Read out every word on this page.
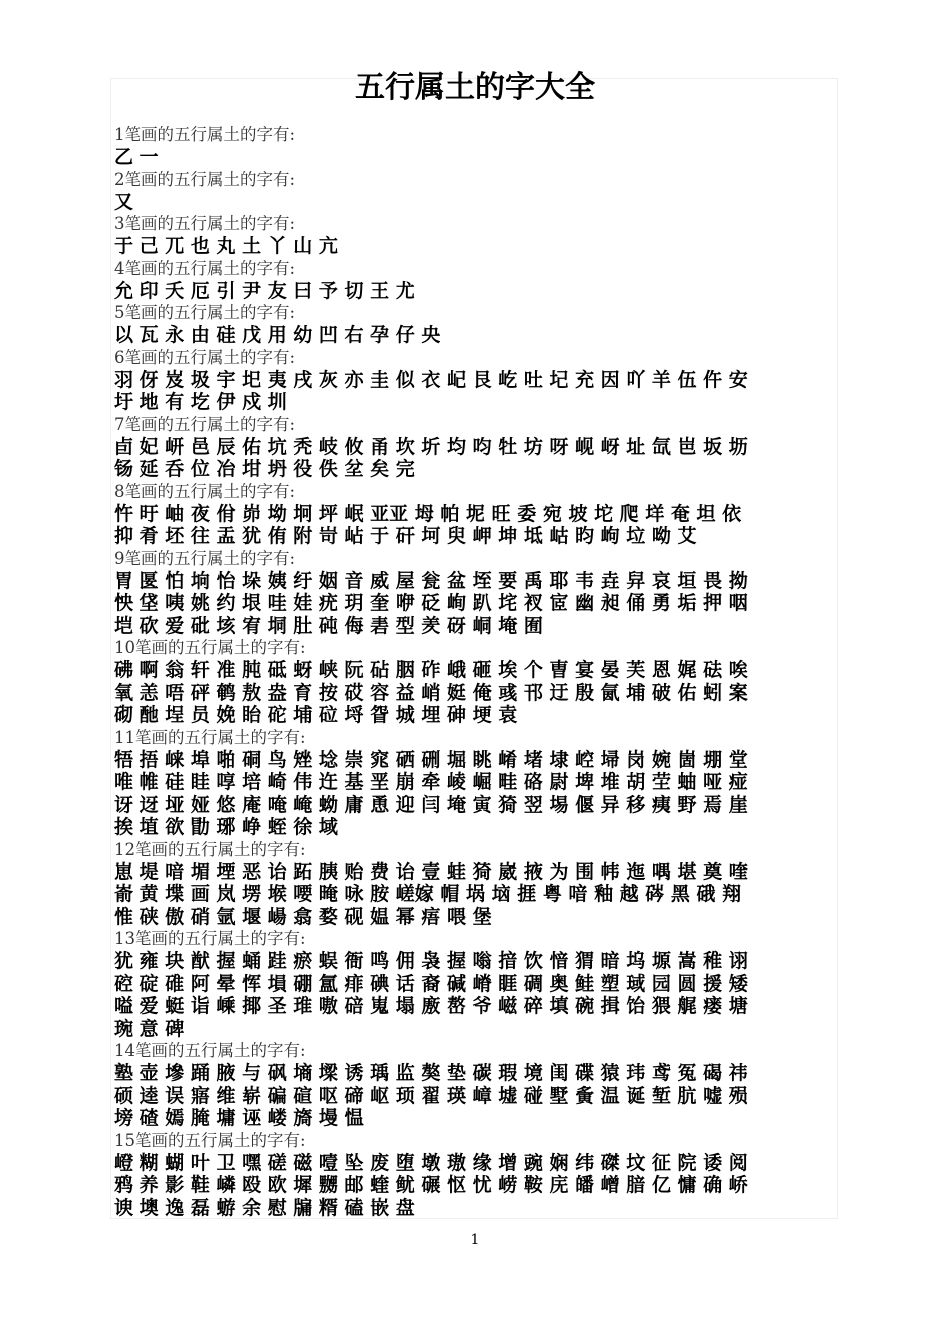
五行属土的字大全
1笔画的五行属土的字有:
乙 一
2笔画的五行属土的字有:
又
3笔画的五行属土的字有:
于 己 兀 也 丸 土 丫 山 亢
4笔画的五行属土的字有:
允 印 夭 厄 引 尹 友 曰 予 切 王 尤
5笔画的五行属土的字有:
以 瓦 永 由 硅 戊 用 幼 凹 右 孕 仔 央
6笔画的五行属土的字有:
羽 伢 岌 圾 宇 圯 夷 戌 灰 亦 圭 似 衣 屺 艮 屹 吐 圮 充 因 吖 羊 伍 仵 安
圩 地 有 圪 伊 戍 圳
7笔画的五行属土的字有:
卣 妃 岍 邑 辰 佑 坑 秃 岐 攸 甬 坎 圻 均 呁 牡 坊 呀 岘 岈 址 氙 岜 坂 坜
钖 延 呑 位 冶 坩 坍 役 佚 坌 矣 完
8笔画的五行属土的字有:
忤 旴 岫 夜 佾 峁 坳 坰 坪 岷 亚亚 坶 帕 坭 旺 委 宛 坡 坨 爬 垟 奄 坦 依
抑 肴 坯 往 盂 犹 侑 附 岢 岾 于 矸 坷 臾 岬 坤 坻 岵 昀 岣 垃 呦 艾
9笔画的五行属土的字有:
胃 匽 怕 垧 怡 垛 姨 纡 姻 音 威 屋 瓮 盆 垤 要 禹 耶 韦 垚 舁 哀 垣 畏 拗
怏 垡 咦 姚 约 垠 哇 娃 疣 玥 奎 咿 砭 峋 趴 垞 衩 宧 幽 昶 俑 勇 垢 押 咽
垲 砍 爱 砒 垓 宥 垌 肚 砘 侮 砉 型 羑 砑 峒 埯 囿
10笔画的五行属土的字有:
砩 啊 翁 轩 准 肫 砥 蚜 峡 阮 砧 胭 砟 峨 砸 埃 个 曺 宴 晏 芙 恩 娓 砝 唉
氧 恙 唔 砰 鹌 敖 盎 育 按 砹 容 益 峭 娗 俺 彧 邗 迂 殷 氤 埔 破 佑 蚓 案
砌 酏 埕 员 娩 眙 砣 埔 砬 埒 眢 城 埋 砷 埂 袁
11笔画的五行属土的字有:
牾 捂 崃 埠 啪 硐 鸟 矬 埝 崇 窕 硒 硎 堀 眺 崤 堵 埭 崆 埽 岗 婉 崮 堋 堂
唯 帷 硅 眭 啍 培 崎 伟 迕 基 垩 崩 牵 崚 崛 畦 硌 尉 埤 堆 胡 茔 蚰 哑 痖
讶 迓 垭 娅 悠 庵 唵 崦 蚴 庸 恿 迎 闫 埯 寅 猗 翌 埸 偃 异 移 痍 野 焉 崖
挨 埴 欲 勖 琊 峥 蛭 徐 域
12笔画的五行属土的字有:
崽 堤 喑 堳 堙 恶 诒 跖 胰 贻 费 诒 壹 蛙 猗 崴 掖 为 围 帏 迤 喁 堪 奠 喹
嵛 黄 堞 画 岚 塄 堠 喓 晻 咏 胺 嵯嫁 帽 埚 垴 捱 粤 喑 釉 越 硶 黑 硪 翔
惟 硖 傲 硝 氩 堰 崵 翕 婺 砚 媪 幂 痦 喂 堡
13笔画的五行属土的字有:
犹 雍 块 猷 握 蛹 跬 瘀 蜈 衙 鸣 佣 袅 握 嗡 揞 饮 愔 猬 暗 坞 塬 嵩 稚 诩
硿 碇 碓 阿 晕 恽 塤 硼 氲 痱 碘 话 裔 碱 嵴 睚 碉 奥 鲑 塑 琙 园 圆 援 矮
嗌 爱 蜓 诣 嵊 揶 圣 琟 嗷 碚 嵬 塌 廒 嶅 爷 嵫 碎 填 碗 揖 饴 猥 艉 瘘 塘
琬 意 碑
14笔画的五行属土的字有:
塾 壶 墋 踊 腋 与 砜 墒 墚 诱 瑀 监 獒 垫 碳 瑕 境 闺 碟 猿 玮 鸢 冤 碣 祎
硕 逵 误 寤 维 崭 碥 碹 呕 碲 岖 顼 翟 瑛 嶂 墟 碰 墅 夤 温 诞 堑 肮 嘘 殒
塝 碴 嫣 腌 墉 诬 嵝 旖 墁 愠
15笔画的五行属土的字有:
嶝 糊 蝴 叶 卫 嘿 磋 磁 噎 坠 废 堕 墩 璈 缘 增 豌 娴 纬 磔 坟 征 院 诿 阅
鸦 养 影 鞋 嶙 殴 欧 墀 嬲 邮 蝰 鱿 碾 怄 忧 崂 鞍 庑 皤 嶒 腤 亿 慵 确 峤
谀 墺 逸 磊 蝣 余 慰 牖 糈 磕 嵌 盘
1
